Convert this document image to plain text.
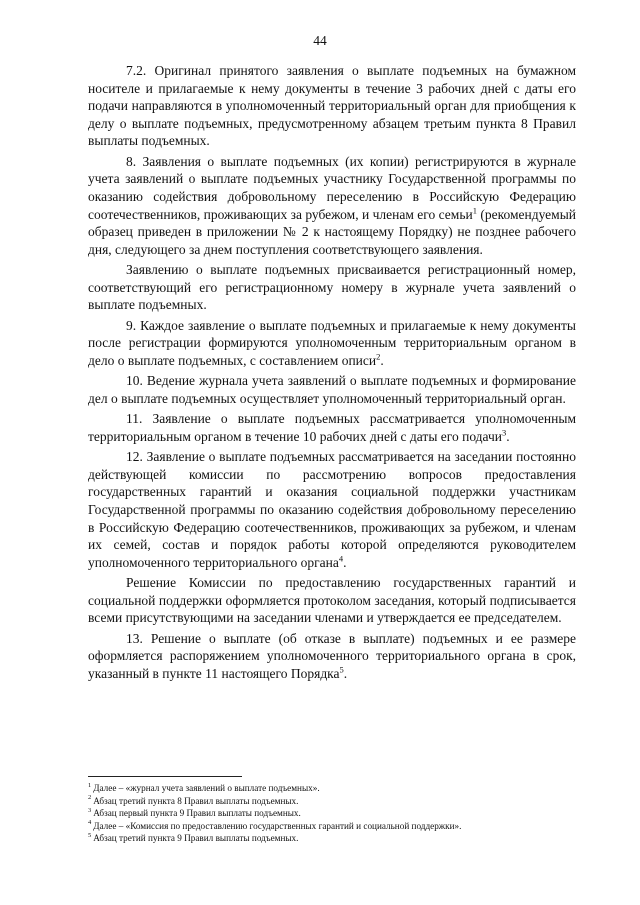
44

7.2. Оригинал принятого заявления о выплате подъемных на бумажном носителе и прилагаемые к нему документы в течение 3 рабочих дней с даты его подачи направляются в уполномоченный территориальный орган для приобщения к делу о выплате подъемных, предусмотренному абзацем третьим пункта 8 Правил выплаты подъемных.

8. Заявления о выплате подъемных (их копии) регистрируются в журнале учета заявлений о выплате подъемных участнику Государственной программы по оказанию содействия добровольному переселению в Российскую Федерацию соотечественников, проживающих за рубежом, и членам его семьи$^1$ (рекомендуемый образец приведен в приложении № 2 к настоящему Порядку) не позднее рабочего дня, следующего за днем поступления соответствующего заявления.

Заявлению о выплате подъемных присваивается регистрационный номер, соответствующий его регистрационному номеру в журнале учета заявлений о выплате подъемных.

9. Каждое заявление о выплате подъемных и прилагаемые к нему документы после регистрации формируются уполномоченным территориальным органом в дело о выплате подъемных, с составлением описи$^2$.

10. Ведение журнала учета заявлений о выплате подъемных и формирование дел о выплате подъемных осуществляет уполномоченный территориальный орган.

11. Заявление о выплате подъемных рассматривается уполномоченным территориальным органом в течение 10 рабочих дней с даты его подачи$^3$.

12. Заявление о выплате подъемных рассматривается на заседании постоянно действующей комиссии по рассмотрению вопросов предоставления государственных гарантий и оказания социальной поддержки участникам Государственной программы по оказанию содействия добровольному переселению в Российскую Федерацию соотечественников, проживающих за рубежом, и членам их семей, состав и порядок работы которой определяются руководителем уполномоченного территориального органа$^4$.

Решение Комиссии по предоставлению государственных гарантий и социальной поддержки оформляется протоколом заседания, который подписывается всеми присутствующими на заседании членами и утверждается ее председателем.

13. Решение о выплате (об отказе в выплате) подъемных и ее размере оформляется распоряжением уполномоченного территориального органа в срок, указанный в пункте 11 настоящего Порядка$^5$.

$^1$ Далее – «журнал учета заявлений о выплате подъемных».

$^2$ Абзац третий пункта 8 Правил выплаты подъемных.

$^3$ Абзац первый пункта 9 Правил выплаты подъемных.

$^4$ Далее – «Комиссия по предоставлению государственных гарантий и социальной поддержки».

$^5$ Абзац третий пункта 9 Правил выплаты подъемных.
